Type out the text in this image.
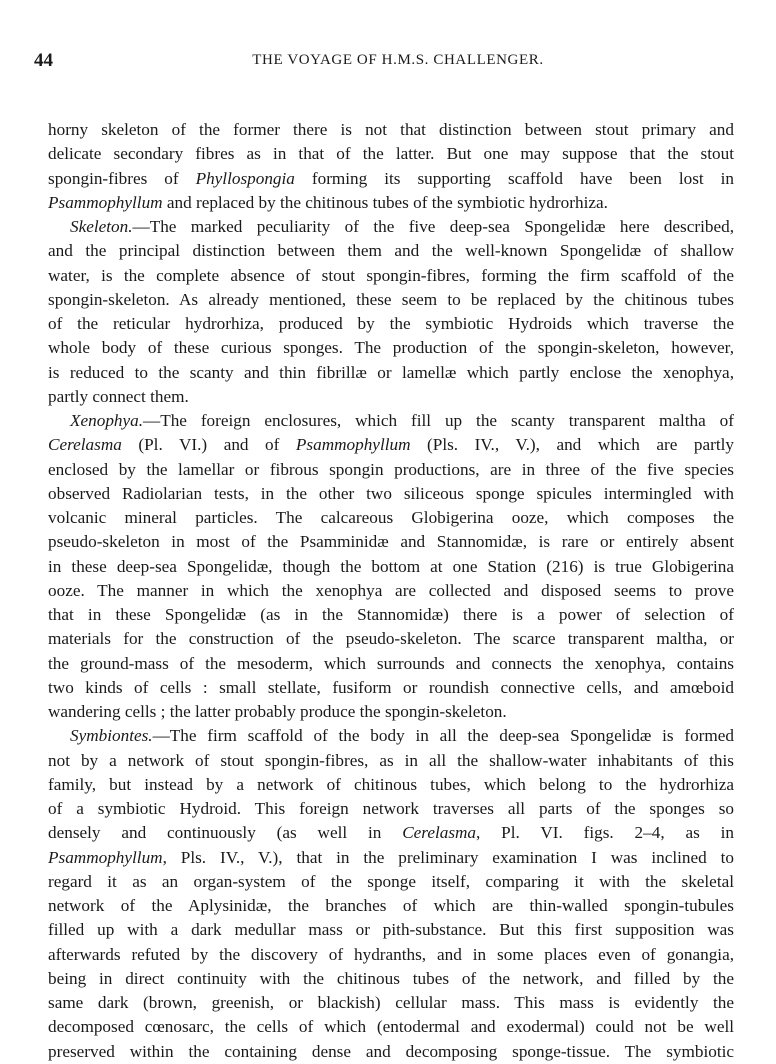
44	THE VOYAGE OF H.M.S. CHALLENGER.
horny skeleton of the former there is not that distinction between stout primary and
delicate secondary fibres as in that of the latter. But one may suppose that the stout
spongin-fibres of Phyllospongia forming its supporting scaffold have been lost in
Psammophyllum and replaced by the chitinous tubes of the symbiotic hydrorhiza.
Skeleton.—The marked peculiarity of the five deep-sea Spongelidæ here described,
and the principal distinction between them and the well-known Spongelidæ of shallow
water, is the complete absence of stout spongin-fibres, forming the firm scaffold of the
spongin-skeleton. As already mentioned, these seem to be replaced by the chitinous tubes
of the reticular hydrorhiza, produced by the symbiotic Hydroids which traverse the
whole body of these curious sponges. The production of the spongin-skeleton, however,
is reduced to the scanty and thin fibrillæ or lamellæ which partly enclose the xenophya,
partly connect them.
Xenophya.—The foreign enclosures, which fill up the scanty transparent maltha of
Cerelasma (Pl. VI.) and of Psammophyllum (Pls. IV., V.), and which are partly
enclosed by the lamellar or fibrous spongin productions, are in three of the five species
observed Radiolarian tests, in the other two siliceous sponge spicules intermingled with
volcanic mineral particles. The calcareous Globigerina ooze, which composes the
pseudo-skeleton in most of the Psamminidæ and Stannomidæ, is rare or entirely absent
in these deep-sea Spongelidæ, though the bottom at one Station (216) is true Globigerina
ooze. The manner in which the xenophya are collected and disposed seems to prove
that in these Spongelidæ (as in the Stannomidæ) there is a power of selection of
materials for the construction of the pseudo-skeleton. The scarce transparent maltha, or
the ground-mass of the mesoderm, which surrounds and connects the xenophya, contains
two kinds of cells : small stellate, fusiform or roundish connective cells, and amœboid
wandering cells ; the latter probably produce the spongin-skeleton.
Symbiontes.—The firm scaffold of the body in all the deep-sea Spongelidæ is formed
not by a network of stout spongin-fibres, as in all the shallow-water inhabitants of this
family, but instead by a network of chitinous tubes, which belong to the hydrorhiza
of a symbiotic Hydroid. This foreign network traverses all parts of the sponges so
densely and continuously (as well in Cerelasma, Pl. VI. figs. 2–4, as in
Psammophyllum, Pls. IV., V.), that in the preliminary examination I was inclined to
regard it as an organ-system of the sponge itself, comparing it with the skeletal
network of the Aplysinidæ, the branches of which are thin-walled spongin-tubules
filled up with a dark medullar mass or pith-substance. But this first supposition was
afterwards refuted by the discovery of hydranths, and in some places even of gonangia,
being in direct continuity with the chitinous tubes of the network, and filled by the
same dark (brown, greenish, or blackish) cellular mass. This mass is evidently the
decomposed cœnosarc, the cells of which (entodermal and exodermal) could not be well
preserved within the containing dense and decomposing sponge-tissue. The symbiotic
